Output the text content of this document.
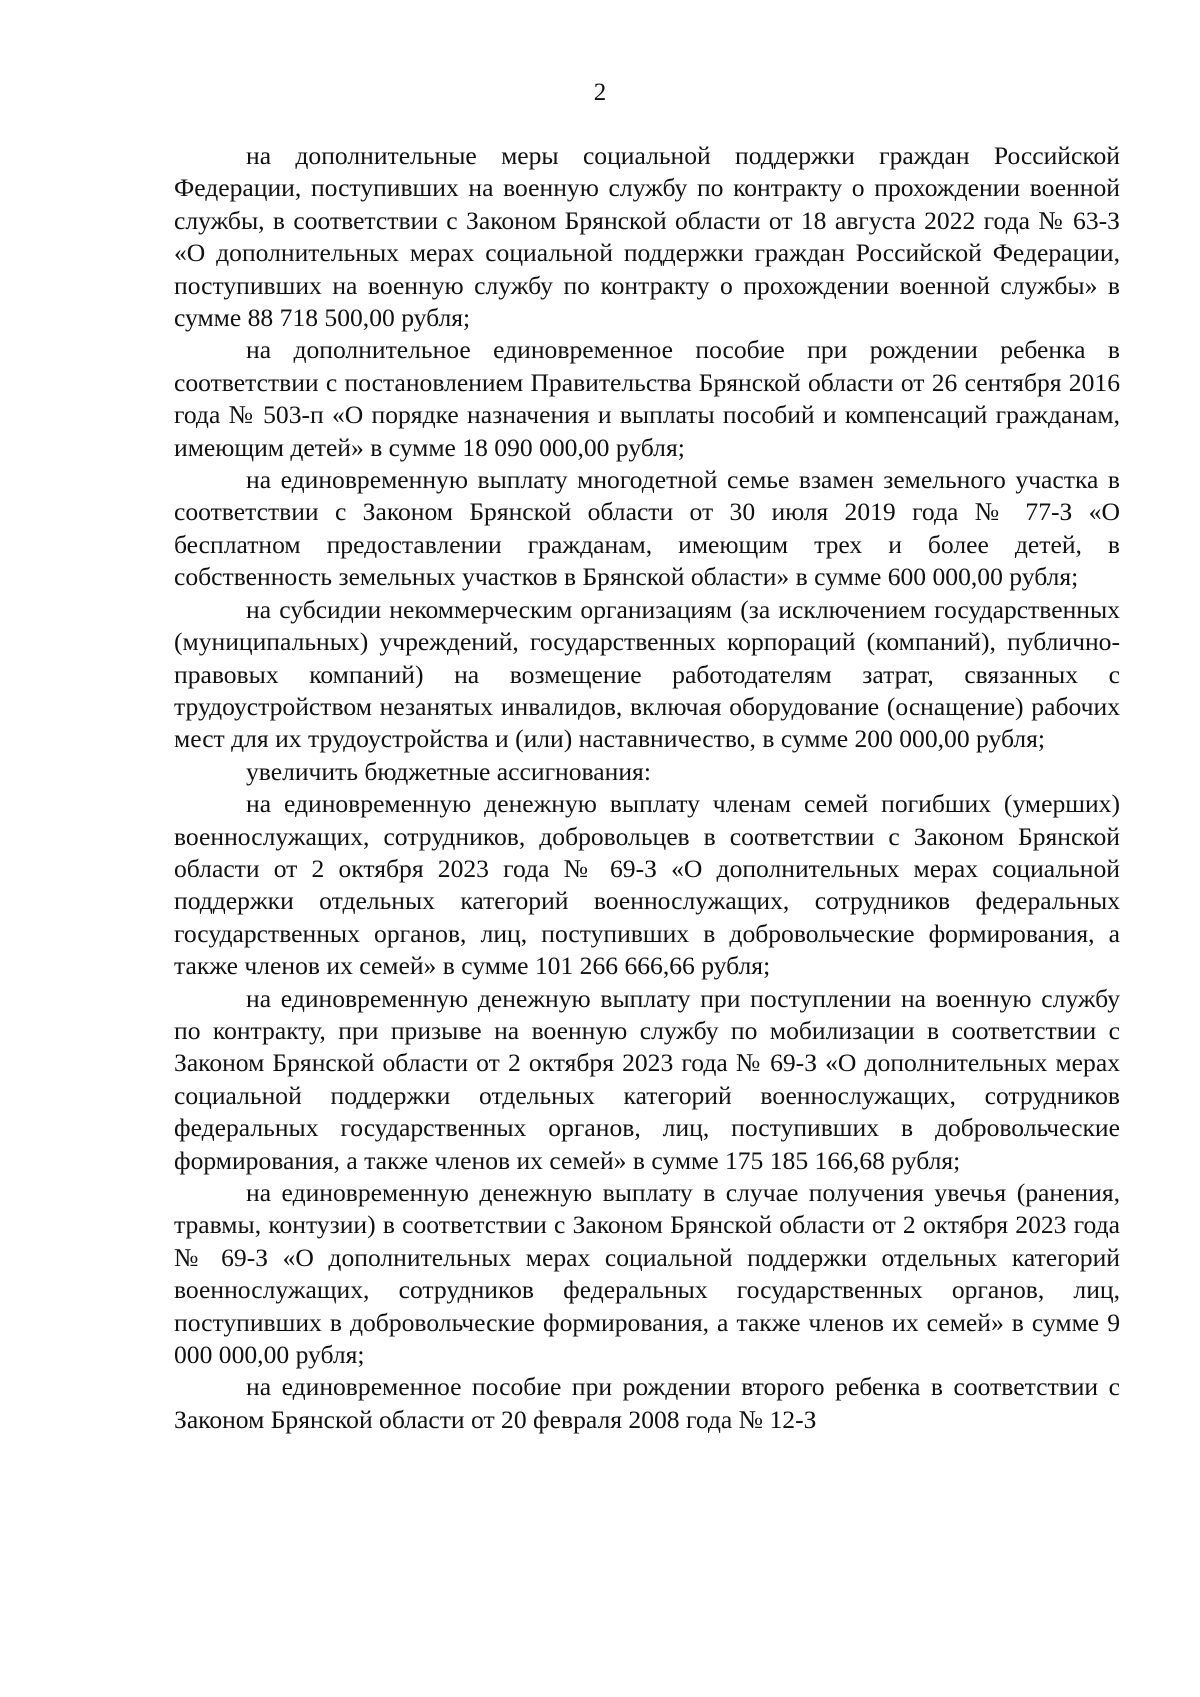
2

на дополнительные меры социальной поддержки граждан Российской Федерации, поступивших на военную службу по контракту о прохождении военной службы, в соответствии с Законом Брянской области от 18 августа 2022 года № 63-З «О дополнительных мерах социальной поддержки граждан Российской Федерации, поступивших на военную службу по контракту о прохождении военной службы» в сумме 88 718 500,00 рубля;

на дополнительное единовременное пособие при рождении ребенка в соответствии с постановлением Правительства Брянской области от 26 сентября 2016 года № 503-п «О порядке назначения и выплаты пособий и компенсаций гражданам, имеющим детей» в сумме 18 090 000,00 рубля;

на единовременную выплату многодетной семье взамен земельного участка в соответствии с Законом Брянской области от 30 июля 2019 года № 77-З «О бесплатном предоставлении гражданам, имеющим трех и более детей, в собственность земельных участков в Брянской области» в сумме 600 000,00 рубля;

на субсидии некоммерческим организациям (за исключением государственных (муниципальных) учреждений, государственных корпораций (компаний), публично-правовых компаний) на возмещение работодателям затрат, связанных с трудоустройством незанятых инвалидов, включая оборудование (оснащение) рабочих мест для их трудоустройства и (или) наставничество, в сумме 200 000,00 рубля;

увеличить бюджетные ассигнования:

на единовременную денежную выплату членам семей погибших (умерших) военнослужащих, сотрудников, добровольцев в соответствии с Законом Брянской области от 2 октября 2023 года № 69-З «О дополнительных мерах социальной поддержки отдельных категорий военнослужащих, сотрудников федеральных государственных органов, лиц, поступивших в добровольческие формирования, а также членов их семей» в сумме 101 266 666,66 рубля;

на единовременную денежную выплату при поступлении на военную службу по контракту, при призыве на военную службу по мобилизации в соответствии с Законом Брянской области от 2 октября 2023 года № 69-З «О дополнительных мерах социальной поддержки отдельных категорий военнослужащих, сотрудников федеральных государственных органов, лиц, поступивших в добровольческие формирования, а также членов их семей» в сумме 175 185 166,68 рубля;

на единовременную денежную выплату в случае получения увечья (ранения, травмы, контузии) в соответствии с Законом Брянской области от 2 октября 2023 года № 69-З «О дополнительных мерах социальной поддержки отдельных категорий военнослужащих, сотрудников федеральных государственных органов, лиц, поступивших в добровольческие формирования, а также членов их семей» в сумме 9 000 000,00 рубля;

на единовременное пособие при рождении второго ребенка в соответствии с Законом Брянской области от 20 февраля 2008 года № 12-З
